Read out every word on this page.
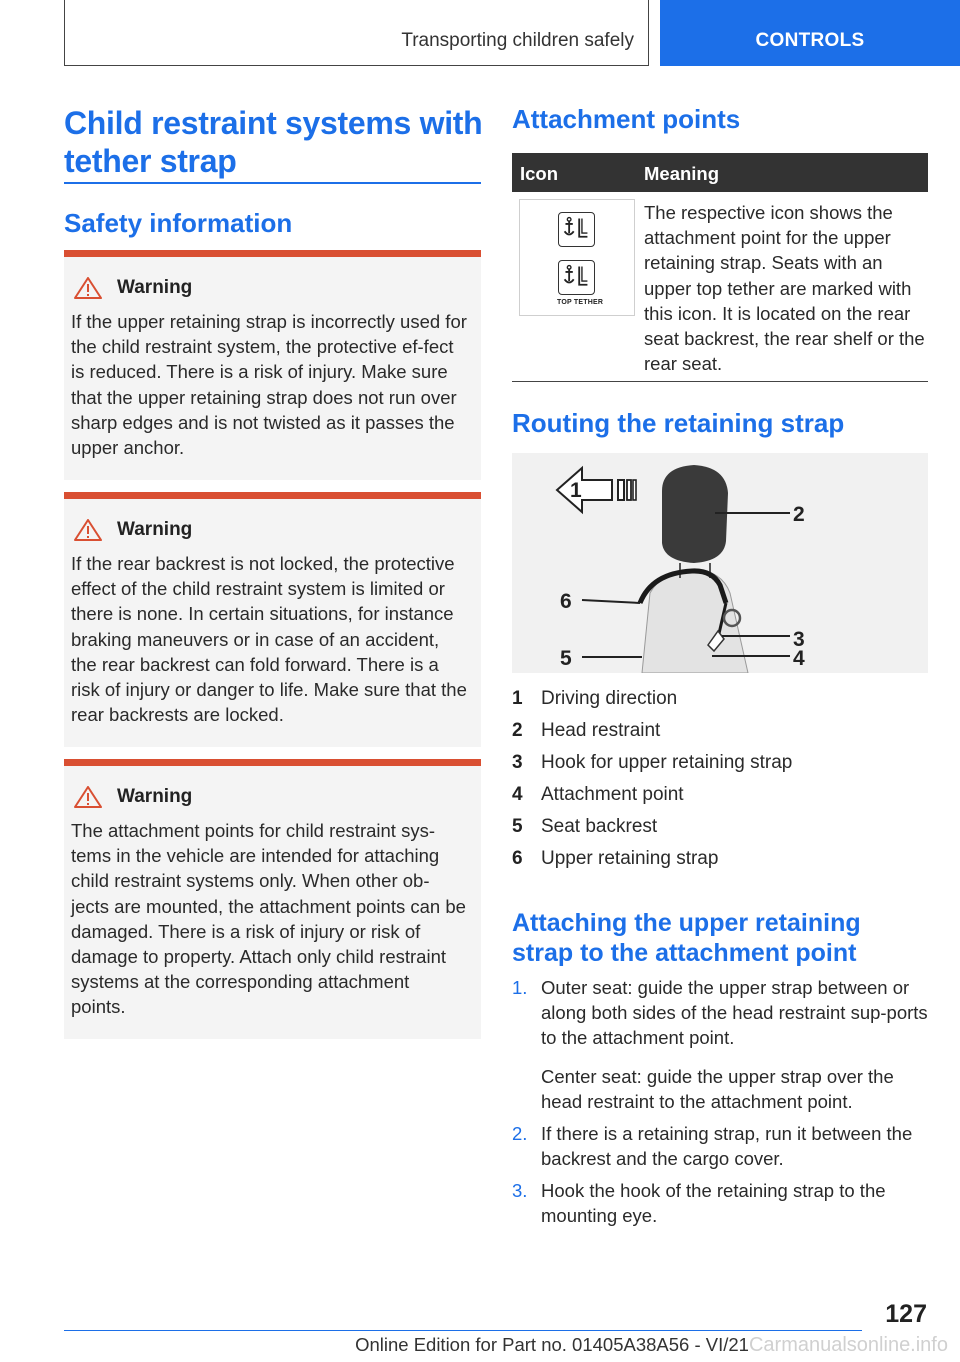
Transporting children safely	CONTROLS
Child restraint systems with tether strap
Safety information
Warning

If the upper retaining strap is incorrectly used for the child restraint system, the protective ef-fect is reduced. There is a risk of injury. Make sure that the upper retaining strap does not run over sharp edges and is not twisted as it passes the upper anchor.

Warning

If the rear backrest is not locked, the protective effect of the child restraint system is limited or there is none. In certain situations, for instance braking maneuvers or in case of an accident, the rear backrest can fold forward. There is a risk of injury or danger to life. Make sure that the rear backrests are locked.

Warning

The attachment points for child restraint sys-tems in the vehicle are intended for attaching child restraint systems only. When other ob-jects are mounted, the attachment points can be damaged. There is a risk of injury or risk of damage to property. Attach only child restraint systems at the corresponding attachment points.

Attachment points
Icon	Meaning
TOP TETHER
The respective icon shows the attachment point for the upper retaining strap. Seats with an upper top tether are marked with this icon. It is located on the rear seat backrest, the rear shelf or the rear seat.
Routing the retaining strap
1
2
3
4
5
6
1 Driving direction
2 Head restraint
3 Hook for upper retaining strap
4 Attachment point
5 Seat backrest
6 Upper retaining strap
Attaching the upper retaining strap to the attachment point
1. Outer seat: guide the upper strap between or along both sides of the head restraint sup-ports to the attachment point.
Center seat: guide the upper strap over the head restraint to the attachment point.
2. If there is a retaining strap, run it between the backrest and the cargo cover.
3. Hook the hook of the retaining strap to the mounting eye.
127
Online Edition for Part no. 01405A38A56 - VI/21Carmanualsonline.info
